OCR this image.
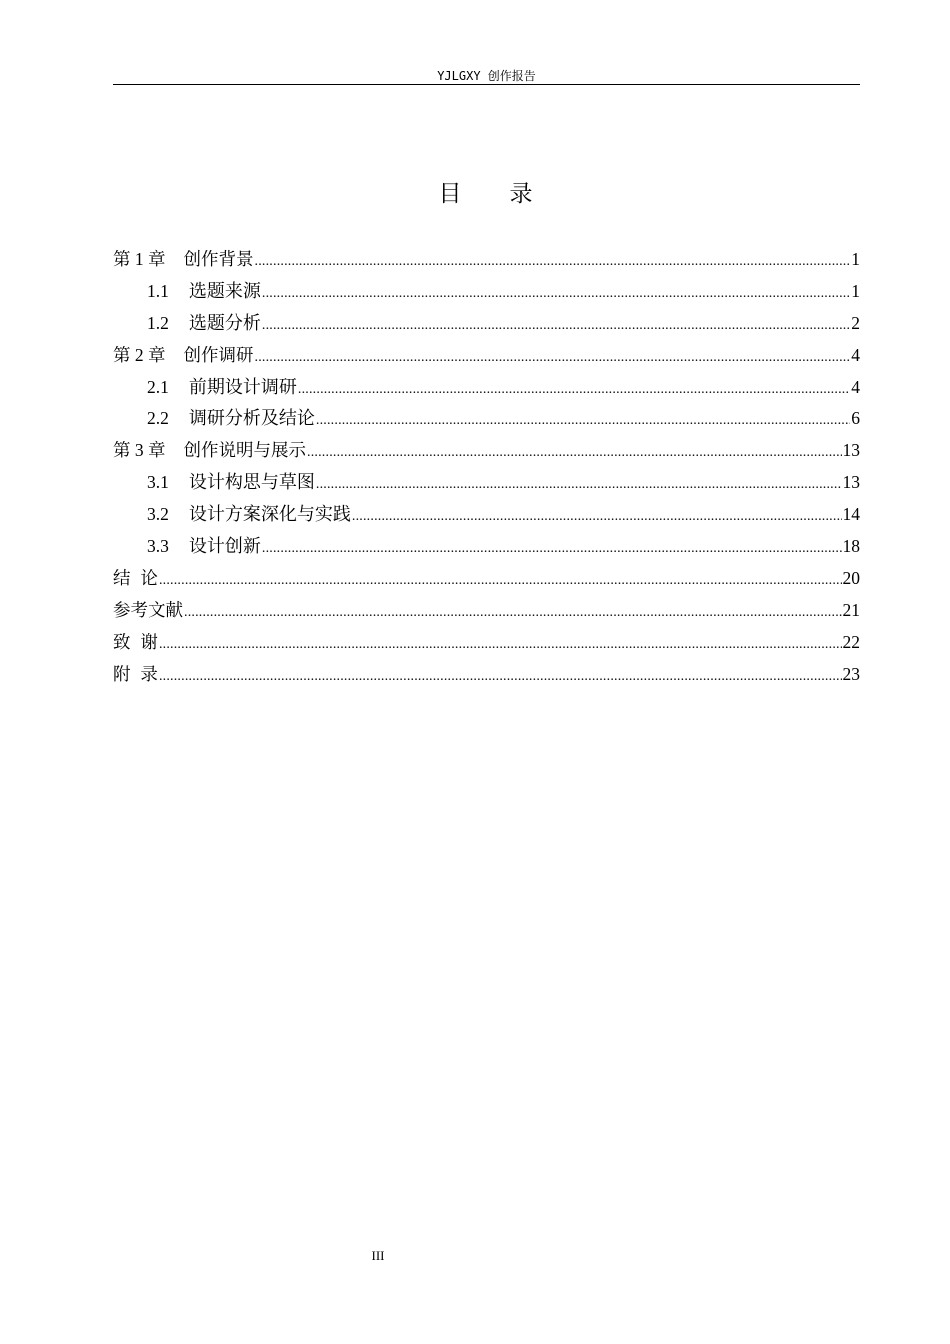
YJLGXY 创作报告
目 录
第 1 章 创作背景 .....	1
1.1 选题来源 .....	1
1.2 选题分析 .....	2
第 2 章 创作调研 .....	4
2.1 前期设计调研 .....	4
2.2 调研分析及结论 .....	6
第 3 章 创作说明与展示 .....	13
3.1 设计构思与草图 .....	13
3.2 设计方案深化与实践 .....	14
3.3 设计创新 .....	18
结论 .....	20
参考文献 .....	21
致谢 .....	22
附录 .....	23
III
